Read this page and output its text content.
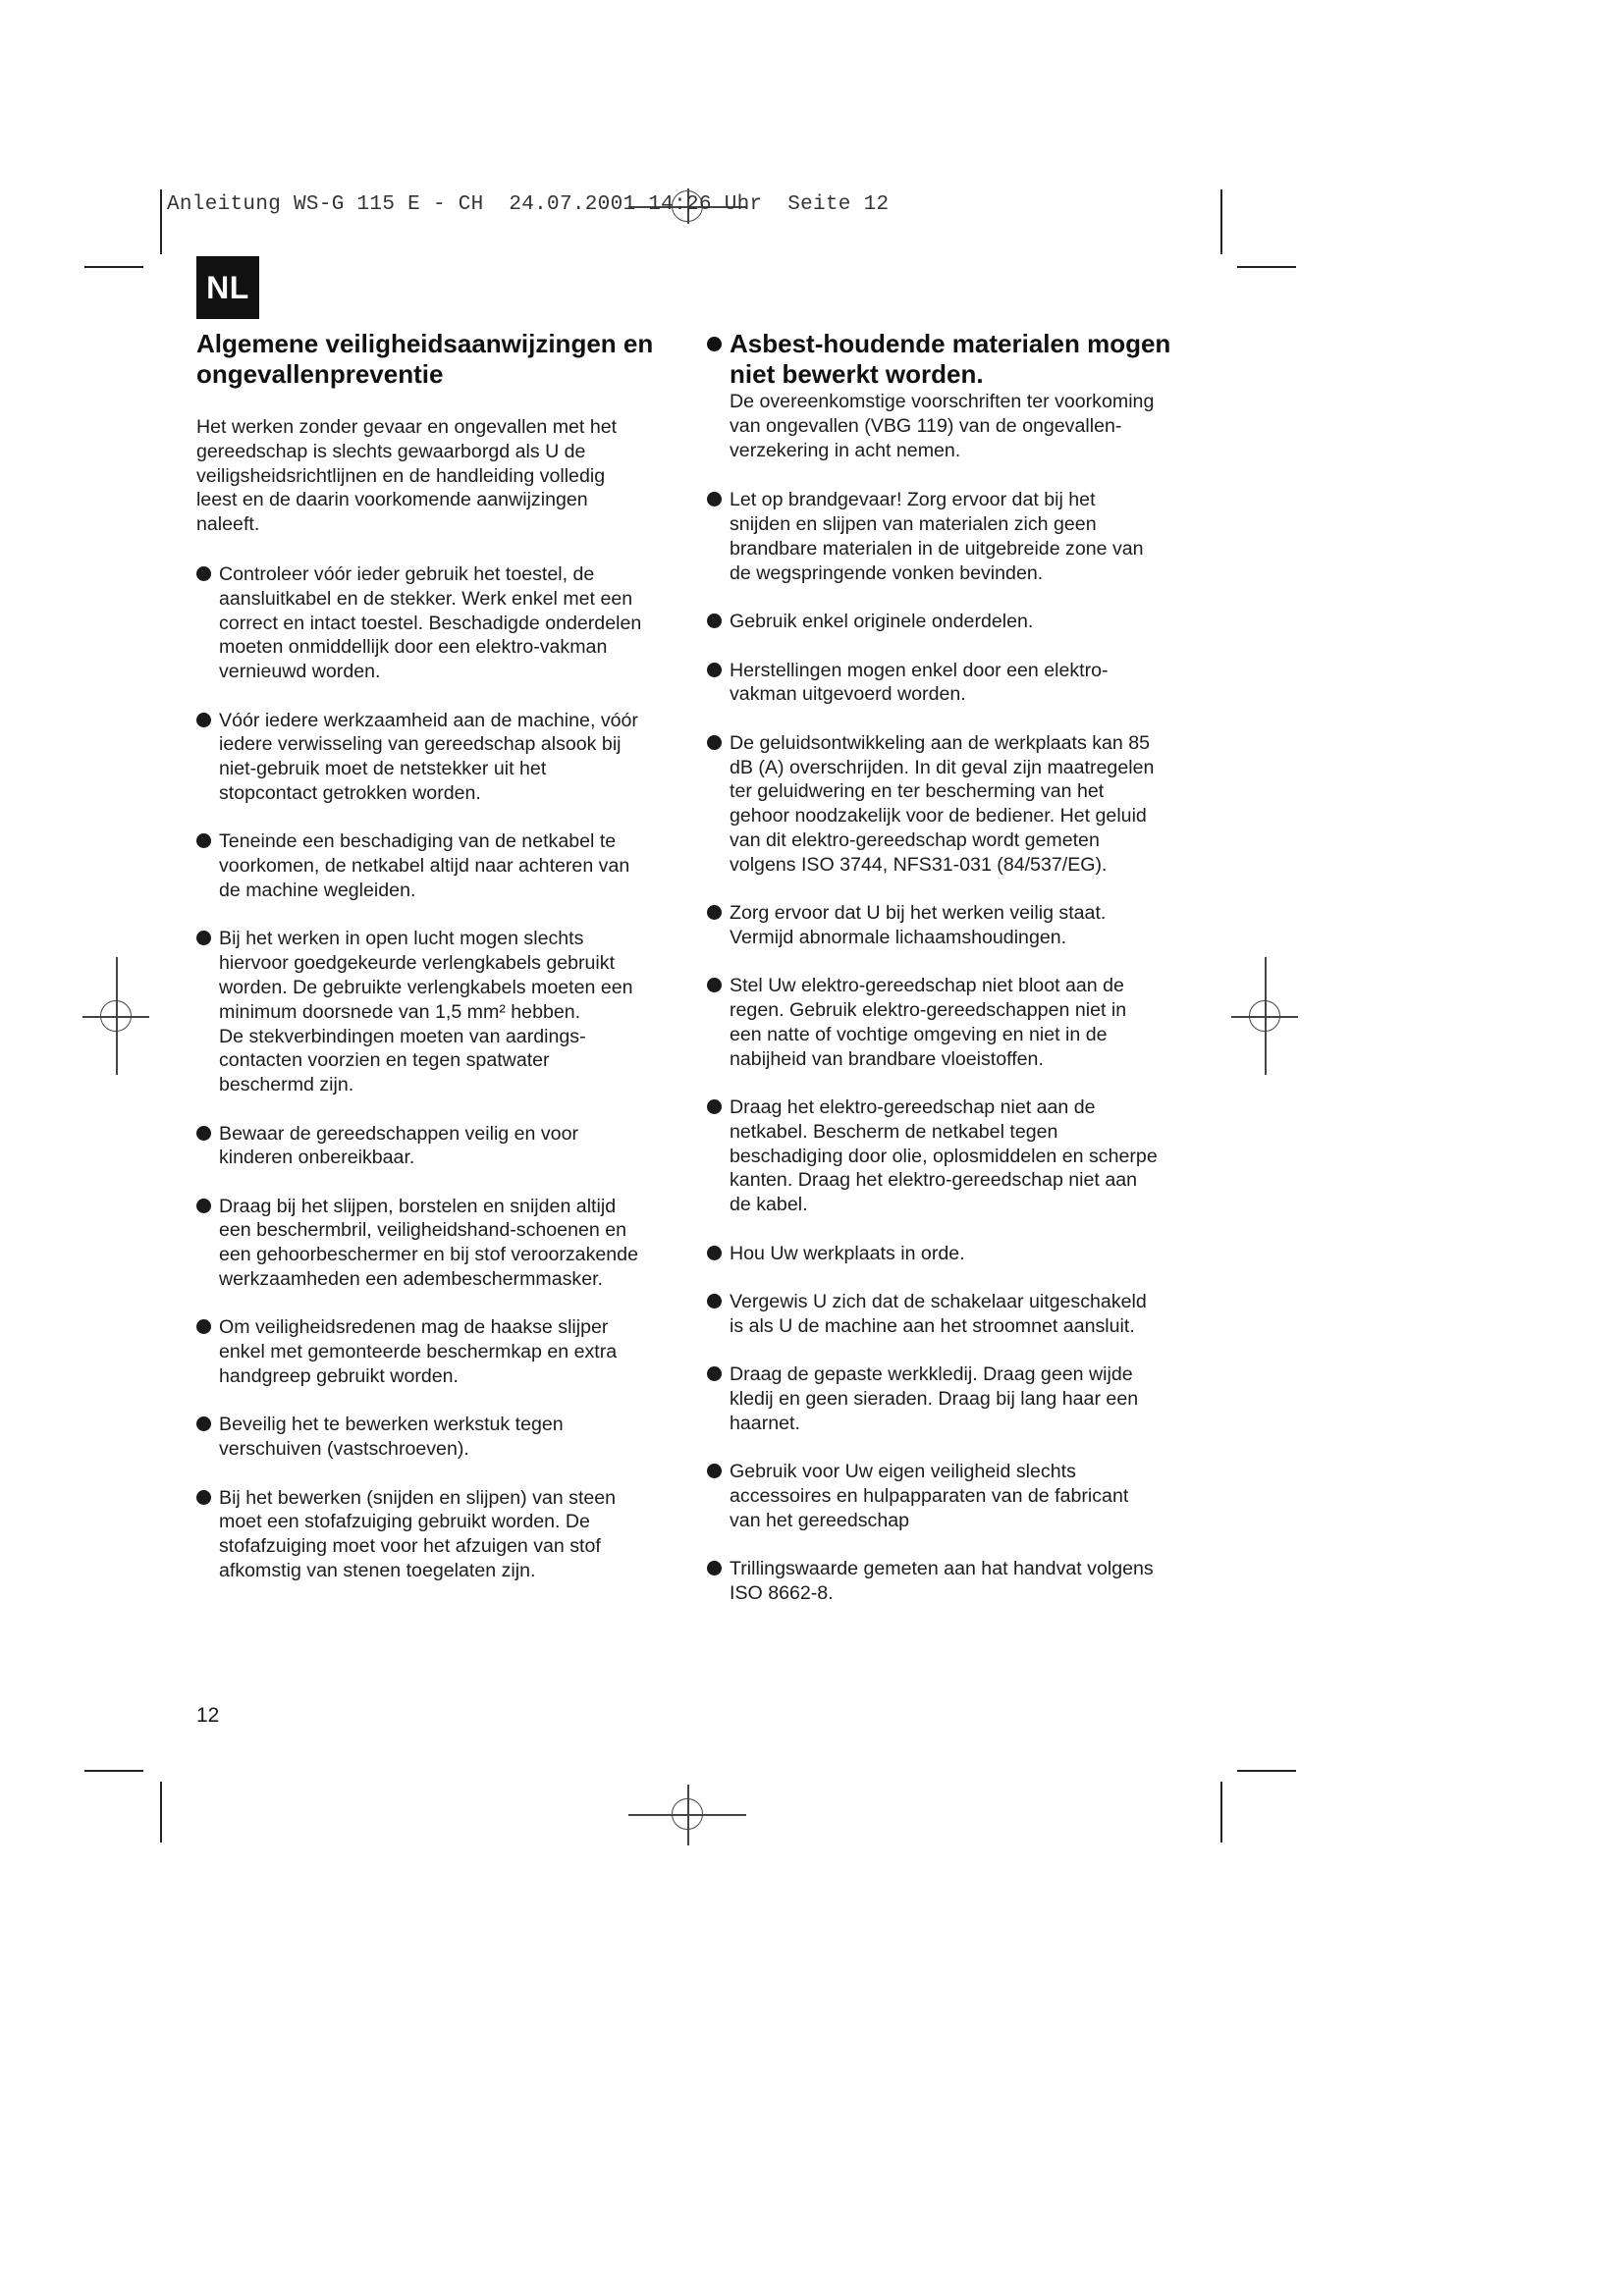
Anleitung WS-G 115 E - CH  24.07.2001 14:26 Uhr  Seite 12
NL
Algemene veiligheidsaanwijzingen en
ongevallenpreventie

Het werken zonder gevaar en ongevallen met het
gereedschap is slechts gewaarborgd als U de
veiligsheidsrichtlijnen en de handleiding volledig
leest en de daarin voorkomende aanwijzingen
naleeft.

Controleer vóór ieder gebruik het toestel, de
aansluitkabel en de stekker. Werk enkel met een
correct en intact toestel. Beschadigde onderdelen
moeten onmiddellijk door een elektro-vakman
vernieuwd worden.

Vóór iedere werkzaamheid aan de machine, vóór
iedere verwisseling van gereedschap alsook bij
niet-gebruik moet de netstekker uit het
stopcontact getrokken worden.

Teneinde een beschadiging van de netkabel te
voorkomen, de netkabel altijd naar achteren van
de machine wegleiden.

Bij het werken in open lucht mogen slechts
hiervoor goedgekeurde verlengkabels gebruikt
worden. De gebruikte verlengkabels moeten een
minimum doorsnede van 1,5 mm² hebben.
De stekverbindingen moeten van aardings-
contacten voorzien en tegen spatwater
beschermd zijn.

Bewaar de gereedschappen veilig en voor
kinderen onbereikbaar.

Draag bij het slijpen, borstelen en snijden altijd
een beschermbril, veiligheidshand-schoenen en
een gehoorbeschermer en bij stof veroorzakende
werkzaamheden een adembeschermmasker.

Om veiligheidsredenen mag de haakse slijper
enkel met gemonteerde beschermkap en extra
handgreep gebruikt worden.

Beveilig het te bewerken werkstuk tegen
verschuiven (vastschroeven).

Bij het bewerken (snijden en slijpen) van steen
moet een stofafzuiging gebruikt worden. De
stofafzuiging moet voor het afzuigen van stof
afkomstig van stenen toegelaten zijn.

Asbest-houdende materialen mogen
niet bewerkt worden.

De overeenkomstige voorschriften ter voorkoming
van ongevallen (VBG 119) van de ongevallen-
verzekering in acht nemen.

Let op brandgevaar! Zorg ervoor dat bij het
snijden en slijpen van materialen zich geen
brandbare materialen in de uitgebreide zone van
de wegspringende vonken bevinden.

Gebruik enkel originele onderdelen.

Herstellingen mogen enkel door een elektro-
vakman uitgevoerd worden.

De geluidsontwikkeling aan de werkplaats kan 85
dB (A) overschrijden. In dit geval zijn maatregelen
ter geluidwering en ter bescherming van het
gehoor noodzakelijk voor de bediener. Het geluid
van dit elektro-gereedschap wordt gemeten
volgens ISO 3744, NFS31-031 (84/537/EG).

Zorg ervoor dat U bij het werken veilig staat.
Vermijd abnormale lichaamshoudingen.

Stel Uw elektro-gereedschap niet bloot aan de
regen. Gebruik elektro-gereedschappen niet in
een natte of vochtige omgeving en niet in de
nabijheid van brandbare vloeistoffen.

Draag het elektro-gereedschap niet aan de
netkabel. Bescherm de netkabel tegen
beschadiging door olie, oplosmiddelen en scherpe
kanten. Draag het elektro-gereedschap niet aan
de kabel.

Hou Uw werkplaats in orde.

Vergewis U zich dat de schakelaar uitgeschakeld
is als U de machine aan het stroomnet aansluit.

Draag de gepaste werkkledij. Draag geen wijde
kledij en geen sieraden. Draag bij lang haar een
haarnet.

Gebruik voor Uw eigen veiligheid slechts
accessoires en hulpapparaten van de fabricant
van het gereedschap

Trillingswaarde gemeten aan hat handvat volgens
ISO 8662-8.

12
